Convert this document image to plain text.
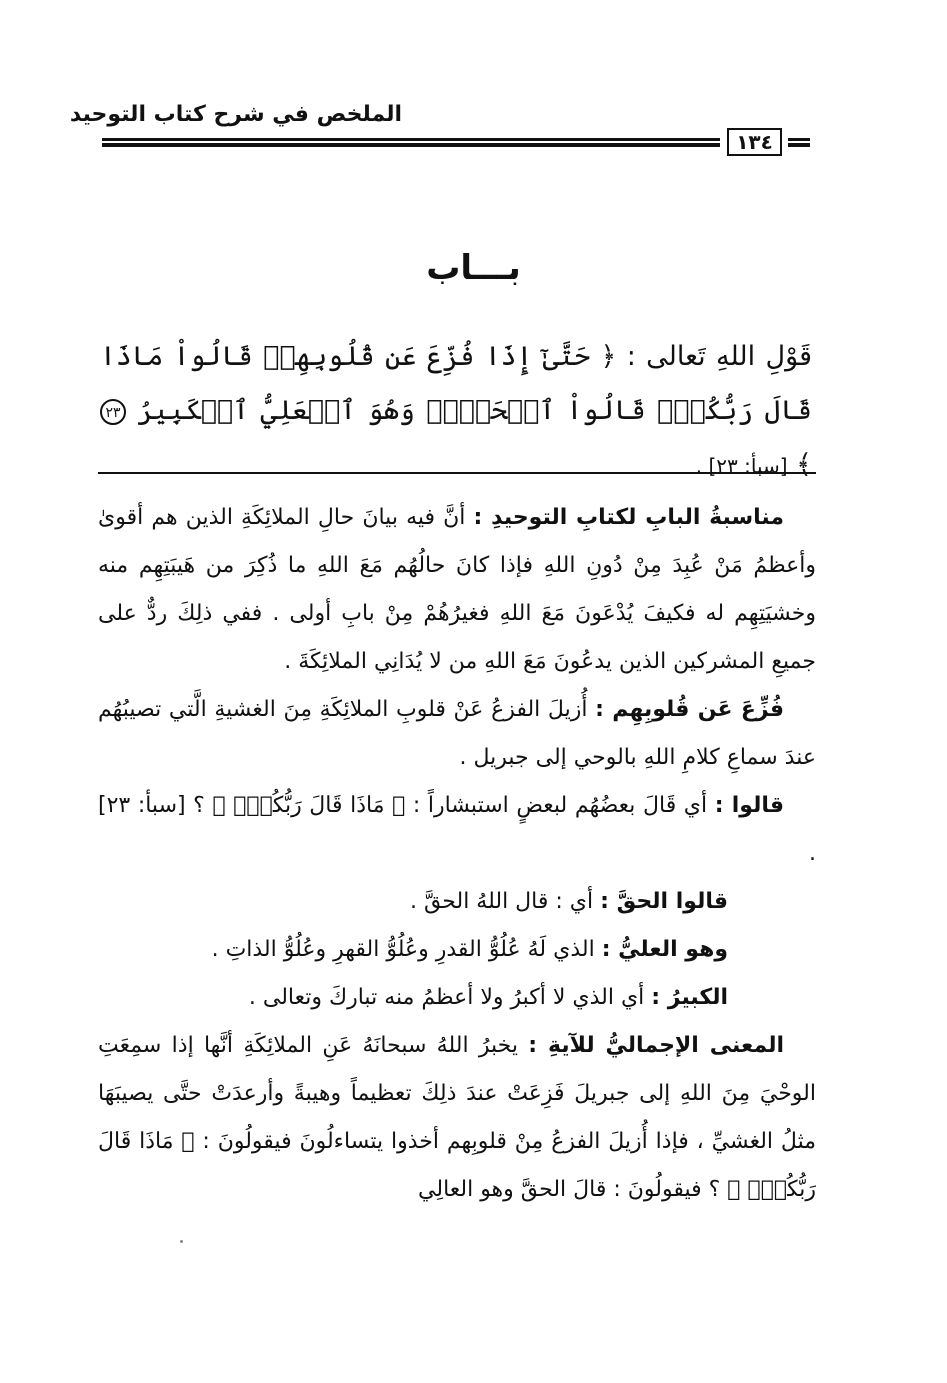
الملخص في شرح كتاب التوحيد
١٣٤
بـــاب
قَوْلِ اللهِ تَعالى : ﴿ حَتَّىٰٓ إِذَا فُزِّعَ عَن قُلُوبِهِمۡ قَالُواْ مَاذَا قَالَ رَبُّكُمۡۖ قَالُواْ ٱلۡحَقَّۖ وَهُوَ ٱلۡعَلِيُّ ٱلۡكَبِيرُ ٢٣ ﴾ [سبأ: ٢٣] .

مناسبةُ البابِ لكتابِ التوحيدِ : أنَّ فيه بيانَ حالِ الملائِكَةِ الذين هم أقوىٰ وأعظمُ مَنْ عُبِدَ مِنْ دُونِ اللهِ فإذا كانَ حالُهُم مَعَ اللهِ ما ذُكِرَ من هَيبَتِهِم منه وخشيَتِهِم له فكيفَ يُدْعَونَ مَعَ اللهِ فغيرُهُمْ مِنْ بابِ أولى . ففي ذلِكَ ردٌّ على جميعِ المشركين الذين يدعُونَ مَعَ اللهِ من لا يُدَانِي الملائِكَةَ .

فُزِّعَ عَن قُلوبِهِم : أُزيلَ الفزعُ عَنْ قلوبِ الملائِكَةِ مِنَ الغشيةِ الَّتي تصيبُهُم عندَ سماعِ كلامِ اللهِ بالوحي إلى جبريل .

قالوا : أي قَالَ بعضُهُم لبعضٍ استبشاراً : ﴿ مَاذَا قَالَ رَبُّكُمۡۖ ﴾ ؟ [سبأ: ٢٣] .

قالوا الحقَّ : أي : قال اللهُ الحقَّ .

وهو العليُّ : الذي لَهُ عُلُوُّ القدرِ وعُلُوُّ القهرِ وعُلُوُّ الذاتِ .

الكبيرُ : أي الذي لا أكبرُ ولا أعظمُ منه تباركَ وتعالى .

المعنى الإجماليُّ للآيةِ : يخبرُ اللهُ سبحانَهُ عَنِ الملائِكَةِ أنَّها إذا سمِعَتِ الوحْيَ مِنَ اللهِ إلى جبريلَ فَزِعَتْ عندَ ذلِكَ تعظيماً وهيبةً وأرعدَتْ حتَّى يصيبَهَا مثلُ الغشيِّ ، فإذا أُزيلَ الفزعُ مِنْ قلوبِهم أخذوا يتساءلُونَ فيقولُونَ : ﴿ مَاذَا قَالَ رَبُّكُمۡۖ ﴾ ؟ فيقولُونَ : قالَ الحقَّ وهو العالِي
